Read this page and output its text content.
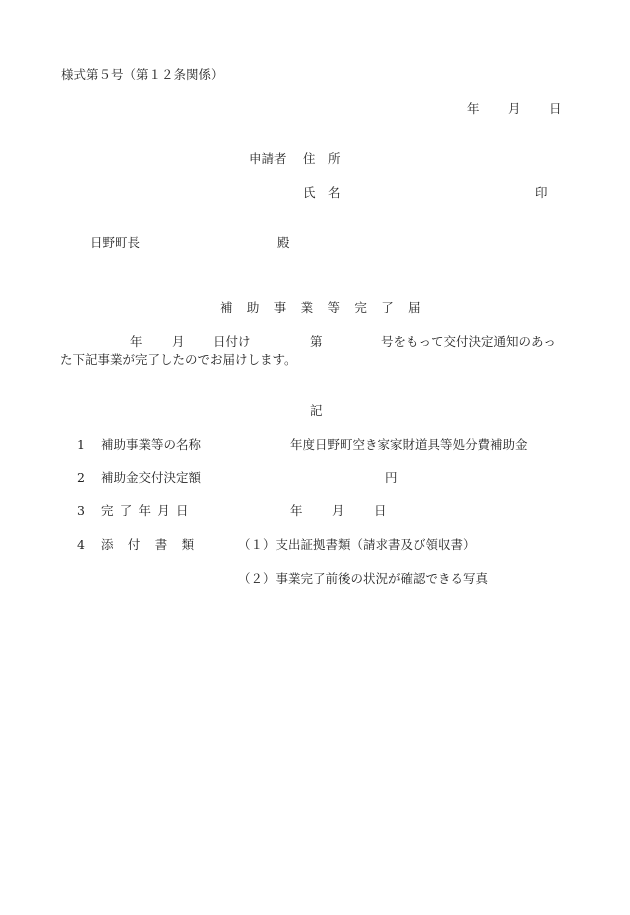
様式第５号（第１２条関係）
年 月 日
申請者 住　所
氏　名	印
日野町長	殿
補助事業等完了届
年 月 日付け	第	号をもって交付決定通知のあっ
た下記事業が完了したのでお届けします。
記
1 補助事業等の名称	年度日野町空き家家財道具等処分費補助金
2 補助金交付決定額	円
3 完了年月日	年 月 日
4 添付書類 （１）支出証拠書類（請求書及び領収書）
（２）事業完了前後の状況が確認できる写真
